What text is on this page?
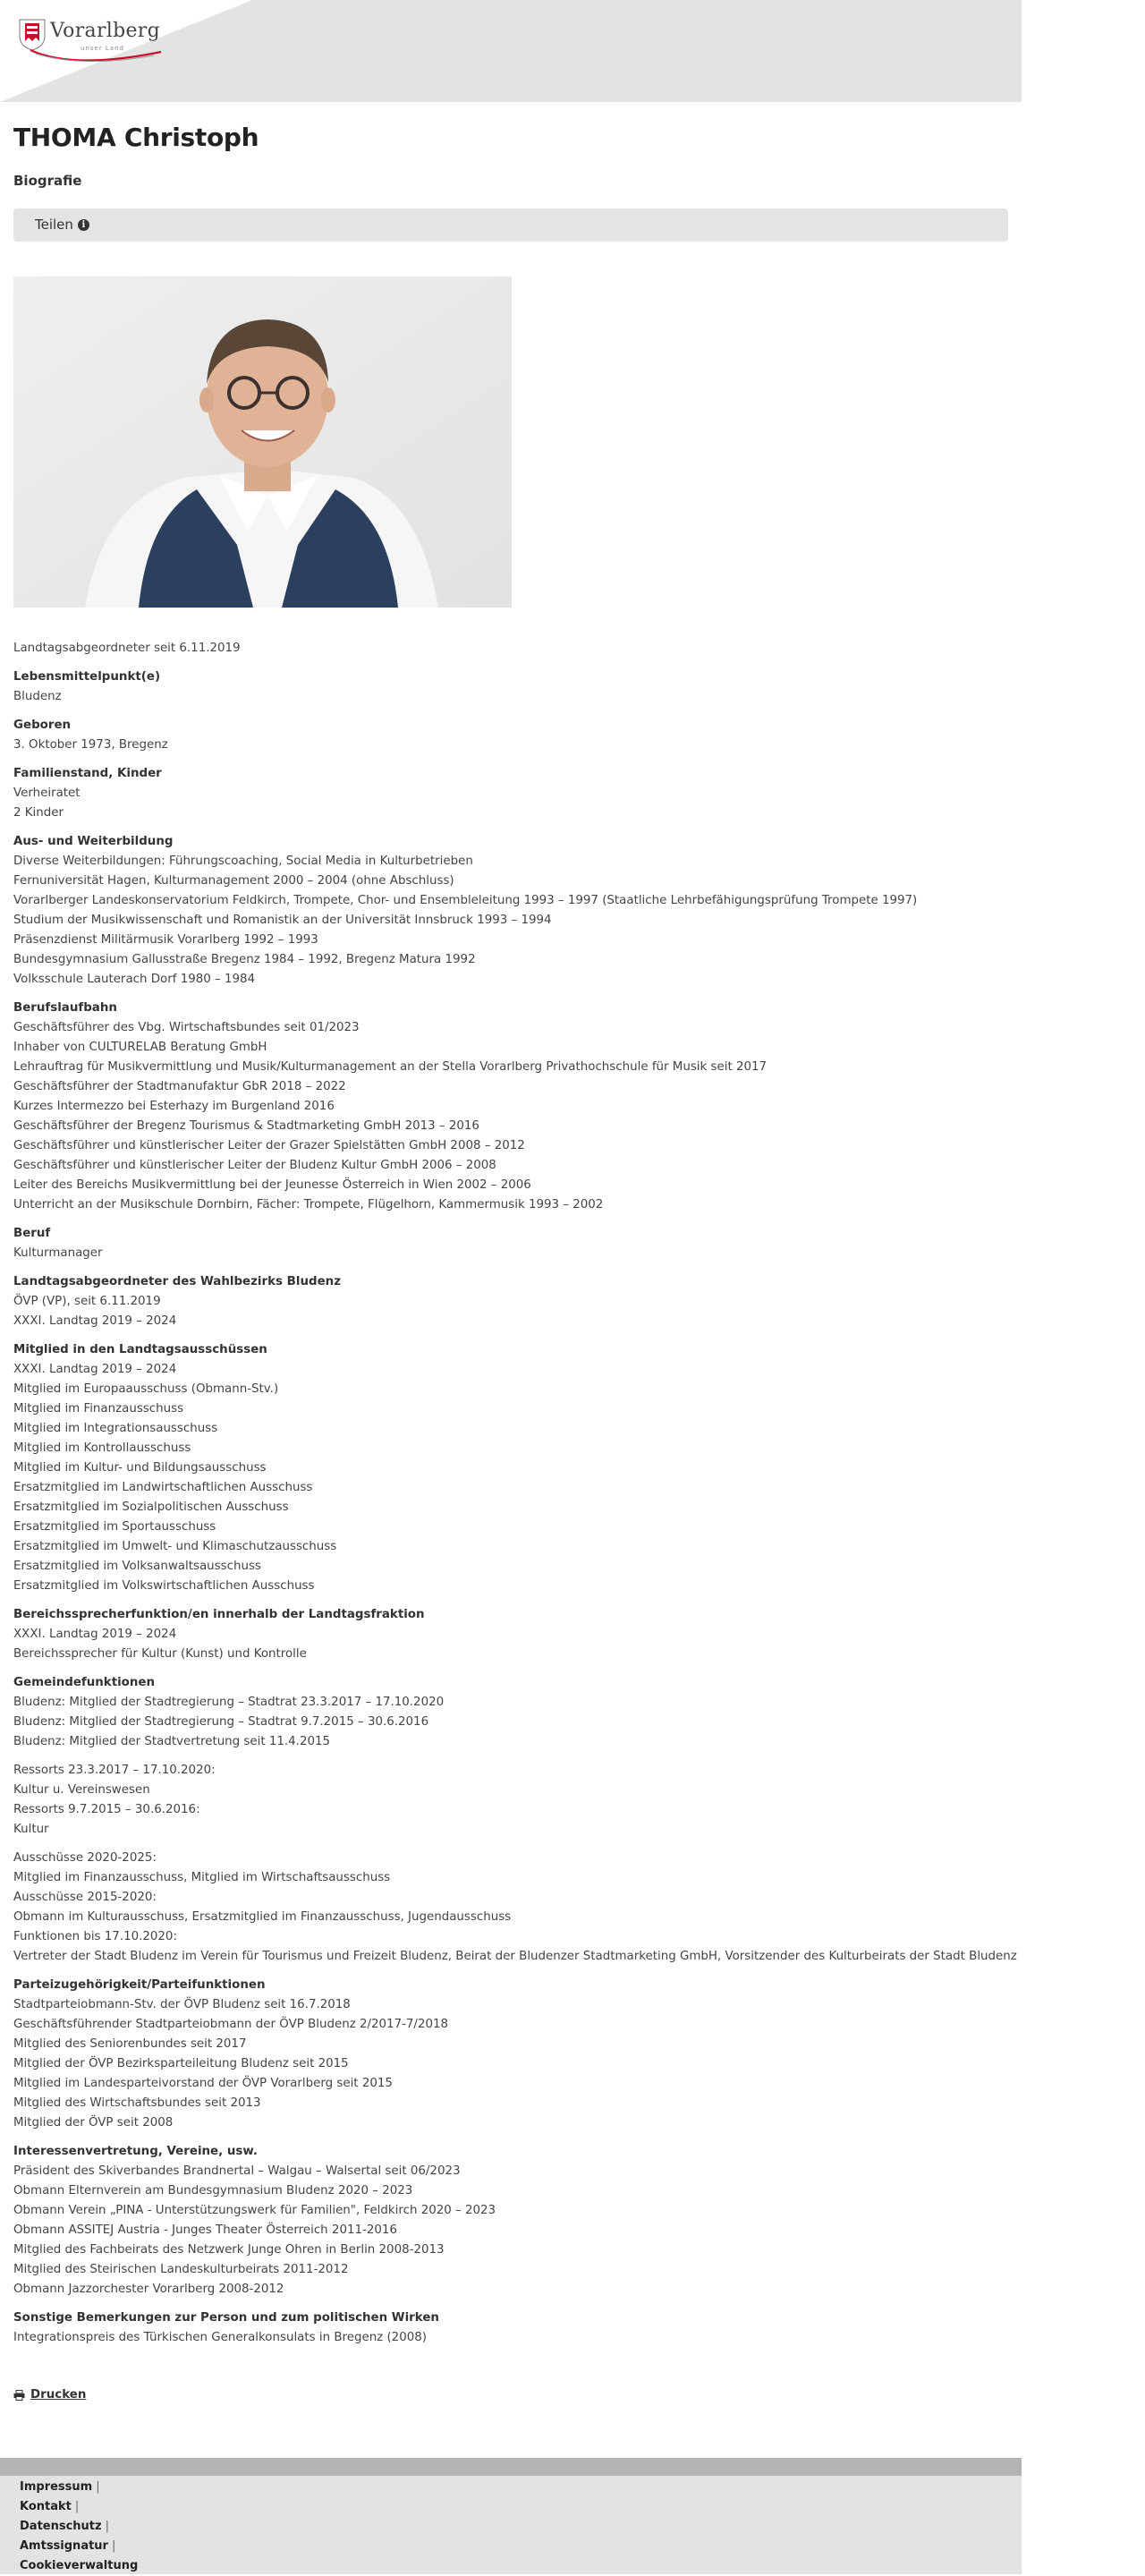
Vorarlberg
unser Land
THOMA Christoph
Biografie
Teilen i
Landtagsabgeordneter seit 6.11.2019
Lebensmittelpunkt(e)
Bludenz
Geboren
3. Oktober 1973, Bregenz
Familienstand, Kinder
Verheiratet
2 Kinder
Aus- und Weiterbildung
Diverse Weiterbildungen: Führungscoaching, Social Media in Kulturbetrieben
Fernuniversität Hagen, Kulturmanagement 2000 – 2004 (ohne Abschluss)
Vorarlberger Landeskonservatorium Feldkirch, Trompete, Chor- und Ensembleleitung 1993 – 1997 (Staatliche Lehrbefähigungsprüfung Trompete 1997)
Studium der Musikwissenschaft und Romanistik an der Universität Innsbruck 1993 – 1994
Präsenzdienst Militärmusik Vorarlberg 1992 – 1993
Bundesgymnasium Gallusstraße Bregenz 1984 – 1992, Bregenz Matura 1992
Volksschule Lauterach Dorf 1980 – 1984
Berufslaufbahn
Geschäftsführer des Vbg. Wirtschaftsbundes seit 01/2023
Inhaber von CULTURELAB Beratung GmbH
Lehrauftrag für Musikvermittlung und Musik/Kulturmanagement an der Stella Vorarlberg Privathochschule für Musik seit 2017
Geschäftsführer der Stadtmanufaktur GbR 2018 – 2022
Kurzes Intermezzo bei Esterhazy im Burgenland 2016
Geschäftsführer der Bregenz Tourismus & Stadtmarketing GmbH 2013 – 2016
Geschäftsführer und künstlerischer Leiter der Grazer Spielstätten GmbH 2008 – 2012
Geschäftsführer und künstlerischer Leiter der Bludenz Kultur GmbH 2006 – 2008
Leiter des Bereichs Musikvermittlung bei der Jeunesse Österreich in Wien 2002 – 2006
Unterricht an der Musikschule Dornbirn, Fächer: Trompete, Flügelhorn, Kammermusik 1993 – 2002
Beruf
Kulturmanager
Landtagsabgeordneter des Wahlbezirks Bludenz
ÖVP (VP), seit 6.11.2019
XXXI. Landtag 2019 – 2024
Mitglied in den Landtagsausschüssen
XXXI. Landtag 2019 – 2024
Mitglied im Europaausschuss (Obmann-Stv.)
Mitglied im Finanzausschuss
Mitglied im Integrationsausschuss
Mitglied im Kontrollausschuss
Mitglied im Kultur- und Bildungsausschuss
Ersatzmitglied im Landwirtschaftlichen Ausschuss
Ersatzmitglied im Sozialpolitischen Ausschuss
Ersatzmitglied im Sportausschuss
Ersatzmitglied im Umwelt- und Klimaschutzausschuss
Ersatzmitglied im Volksanwaltsausschuss
Ersatzmitglied im Volkswirtschaftlichen Ausschuss
Bereichssprecherfunktion/en innerhalb der Landtagsfraktion
XXXI. Landtag 2019 – 2024
Bereichssprecher für Kultur (Kunst) und Kontrolle
Gemeindefunktionen
Bludenz: Mitglied der Stadtregierung – Stadtrat 23.3.2017 – 17.10.2020
Bludenz: Mitglied der Stadtregierung – Stadtrat 9.7.2015 – 30.6.2016
Bludenz: Mitglied der Stadtvertretung seit 11.4.2015
Ressorts 23.3.2017 – 17.10.2020:
Kultur u. Vereinswesen
Ressorts 9.7.2015 – 30.6.2016:
Kultur
Ausschüsse 2020-2025:
Mitglied im Finanzausschuss, Mitglied im Wirtschaftsausschuss
Ausschüsse 2015-2020:
Obmann im Kulturausschuss, Ersatzmitglied im Finanzausschuss, Jugendausschuss
Funktionen bis 17.10.2020:
Vertreter der Stadt Bludenz im Verein für Tourismus und Freizeit Bludenz, Beirat der Bludenzer Stadtmarketing GmbH, Vorsitzender des Kulturbeirats der Stadt Bludenz
Parteizugehörigkeit/Parteifunktionen
Stadtparteiobmann-Stv. der ÖVP Bludenz seit 16.7.2018
Geschäftsführender Stadtparteiobmann der ÖVP Bludenz 2/2017-7/2018
Mitglied des Seniorenbundes seit 2017
Mitglied der ÖVP Bezirksparteileitung Bludenz seit 2015
Mitglied im Landesparteivorstand der ÖVP Vorarlberg seit 2015
Mitglied des Wirtschaftsbundes seit 2013
Mitglied der ÖVP seit 2008
Interessenvertretung, Vereine, usw.
Präsident des Skiverbandes Brandnertal – Walgau – Walsertal seit 06/2023
Obmann Elternverein am Bundesgymnasium Bludenz 2020 – 2023
Obmann Verein „PINA - Unterstützungswerk für Familien", Feldkirch 2020 – 2023
Obmann ASSITEJ Austria - Junges Theater Österreich 2011-2016
Mitglied des Fachbeirats des Netzwerk Junge Ohren in Berlin 2008-2013
Mitglied des Steirischen Landeskulturbeirats 2011-2012
Obmann Jazzorchester Vorarlberg 2008-2012
Sonstige Bemerkungen zur Person und zum politischen Wirken
Integrationspreis des Türkischen Generalkonsulats in Bregenz (2008)
Drucken
Impressum |
Kontakt |
Datenschutz |
Amtssignatur |
Cookieverwaltung
